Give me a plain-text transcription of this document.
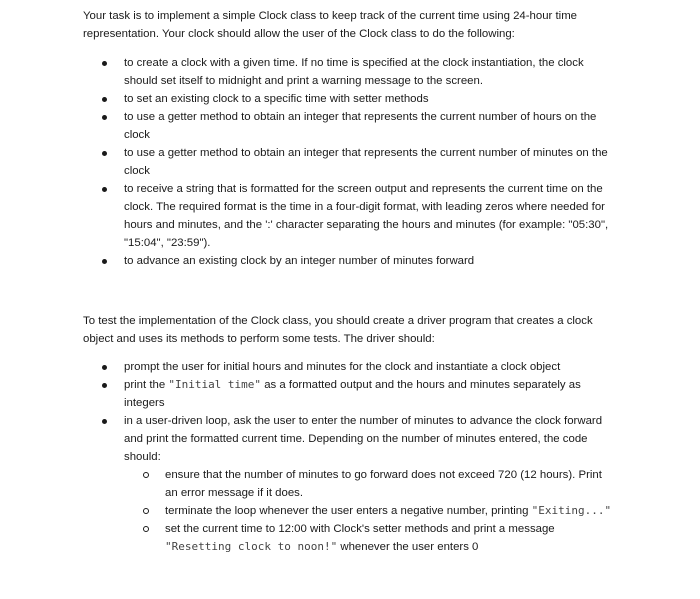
Your task is to implement a simple Clock class to keep track of the current time using 24-hour time representation. Your clock should allow the user of the Clock class to do the following:

to create a clock with a given time. If no time is specified at the clock instantiation, the clock should set itself to midnight and print a warning message to the screen.
to set an existing clock to a specific time with setter methods
to use a getter method to obtain an integer that represents the current number of hours on the clock
to use a getter method to obtain an integer that represents the current number of minutes on the clock
to receive a string that is formatted for the screen output and represents the current time on the clock. The required format is the time in a four-digit format, with leading zeros where needed for hours and minutes, and the ':' character separating the hours and minutes (for example: "05:30", "15:04", "23:59").
to advance an existing clock by an integer number of minutes forward

To test the implementation of the Clock class, you should create a driver program that creates a clock object and uses its methods to perform some tests. The driver should:

prompt the user for initial hours and minutes for the clock and instantiate a clock object
print the "Initial time" as a formatted output and the hours and minutes separately as integers
in a user-driven loop, ask the user to enter the number of minutes to advance the clock forward and print the formatted current time. Depending on the number of minutes entered, the code should:
ensure that the number of minutes to go forward does not exceed 720 (12 hours). Print an error message if it does.
terminate the loop whenever the user enters a negative number, printing "Exiting..."
set the current time to 12:00 with Clock's setter methods and print a message "Resetting clock to noon!" whenever the user enters 0
